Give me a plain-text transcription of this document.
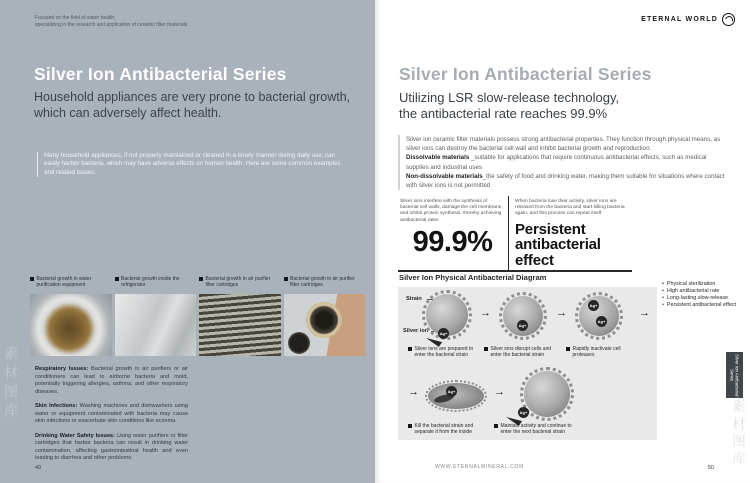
Focused on the field of water health,
specializing in the research and application of ceramic filter materials
Silver Ion Antibacterial Series
Household appliances are very prone to bacterial growth,
which can adversely affect health.
Many household appliances, if not properly maintained or cleaned in a timely manner during daily use, can easily harbor bacteria, which may have adverse effects on human health. Here are some common examples and related issues.
Bacterial growth in water purification equipment
Bacterial growth inside the refrigerator
Bacterial growth in air purifier filter cartridges
Bacterial growth in air purifier filter cartridges
Respiratory Issues: Bacterial growth in air purifiers or air conditioners can lead to airborne bacteria and mold, potentially triggering allergies, asthma, and other respiratory diseases.
Skin Infections: Washing machines and dishwashers using water or equipment contaminated with bacteria may cause skin infections or exacerbate skin conditions like eczema.
Drinking Water Safety Issues: Using water purifiers or filter cartridges that harbor bacteria can result in drinking water contamination, affecting gastrointestinal health and even leading to diarrhea and other problems.
49
素材图库
ETERNAL WORLD
Silver Ion Antibacterial Series
Utilizing LSR slow-release technology,
the antibacterial rate reaches 99.9%
Silver ion ceramic filter materials possess strong antibacterial properties. They function through physical means, as silver ions can destroy the bacterial cell wall and inhibit bacterial growth and reproduction.
Dissolvable materials _suitable for applications that require continuous antibacterial effects, such as medical supplies and industrial uses
Non-dissolvable materials_the safety of food and drinking water, making them suitable for situations where contact with silver ions is not permitted
Silver ions interfere with the synthesis of bacterial cell walls, damage the cell membrane, and inhibit protein synthesis, thereby achieving antibacterial rates
99.9%
When bacteria lose their activity, silver ions are released from the bacteria and start killing bacteria again, and this process can repeat itself
Persistent
antibacterial effect
Silver Ion Physical Antibacterial Diagram
Strain
Silver ion	Ag+
→
Ag+
→
Ag+
Ag+
→
Silver ions are prepared to enter the bacterial strain
Silver ions disrupt cells and enter the bacterial strain
Rapidly inactivate cell proteases
→	Ag+	→
Ag+
Kill the bacterial strain and separate it from the inside
Maintain activity and continue to enter the next bacterial strain
• Physical sterilization
• High antibacterial rate
• Long-lasting slow-release
• Persistent antibacterial effect
WWW.ETERNALMINERAL.COM	50
Silver Ion Antibacterial Series
素材图库
